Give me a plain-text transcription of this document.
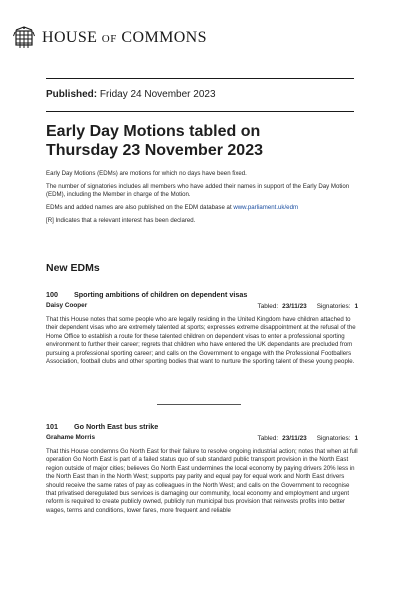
HOUSE OF COMMONS
Published: Friday 24 November 2023
Early Day Motions tabled on
Thursday 23 November 2023

Early Day Motions (EDMs) are motions for which no days have been fixed.

The number of signatories includes all members who have added their names in support of the Early Day Motion (EDM), including the Member in charge of the Motion.

EDMs and added names are also published on the EDM database at www.parliament.uk/edm

[R] Indicates that a relevant interest has been declared.

New EDMs
100	Sporting ambitions of children on dependent visas
Tabled: 23/11/23 Signatories: 1
Daisy Cooper
That this House notes that some people who are legally residing in the United Kingdom have children attached to their dependent visas who are extremely talented at sports; expresses extreme disappointment at the refusal of the Home Office to establish a route for these talented children on dependent visas to enter a professional sporting environment to further their career; regrets that children who have entered the UK dependants are precluded from pursuing a professional sporting career; and calls on the Government to engage with the Professional Footballers Association, football clubs and other sporting bodies that want to nurture the sporting talent of these young people.
101	Go North East bus strike
Tabled: 23/11/23 Signatories: 1
Grahame Morris
That this House condemns Go North East for their failure to resolve ongoing industrial action; notes that when at full operation Go North East is part of a failed status quo of sub standard public transport provision in the North East region outside of major cities; believes Go North East undermines the local economy by paying drivers 20% less in the North East than in the North West; supports pay parity and equal pay for equal work and North East drivers should receive the same rates of pay as colleagues in the North West; and calls on the Government to recognise that privatised deregulated bus services is damaging our community, local economy and employment and urgent reform is required to create publicly owned, publicly run municipal bus provision that reinvests profits into better wages, terms and conditions, lower fares, more frequent and reliable
